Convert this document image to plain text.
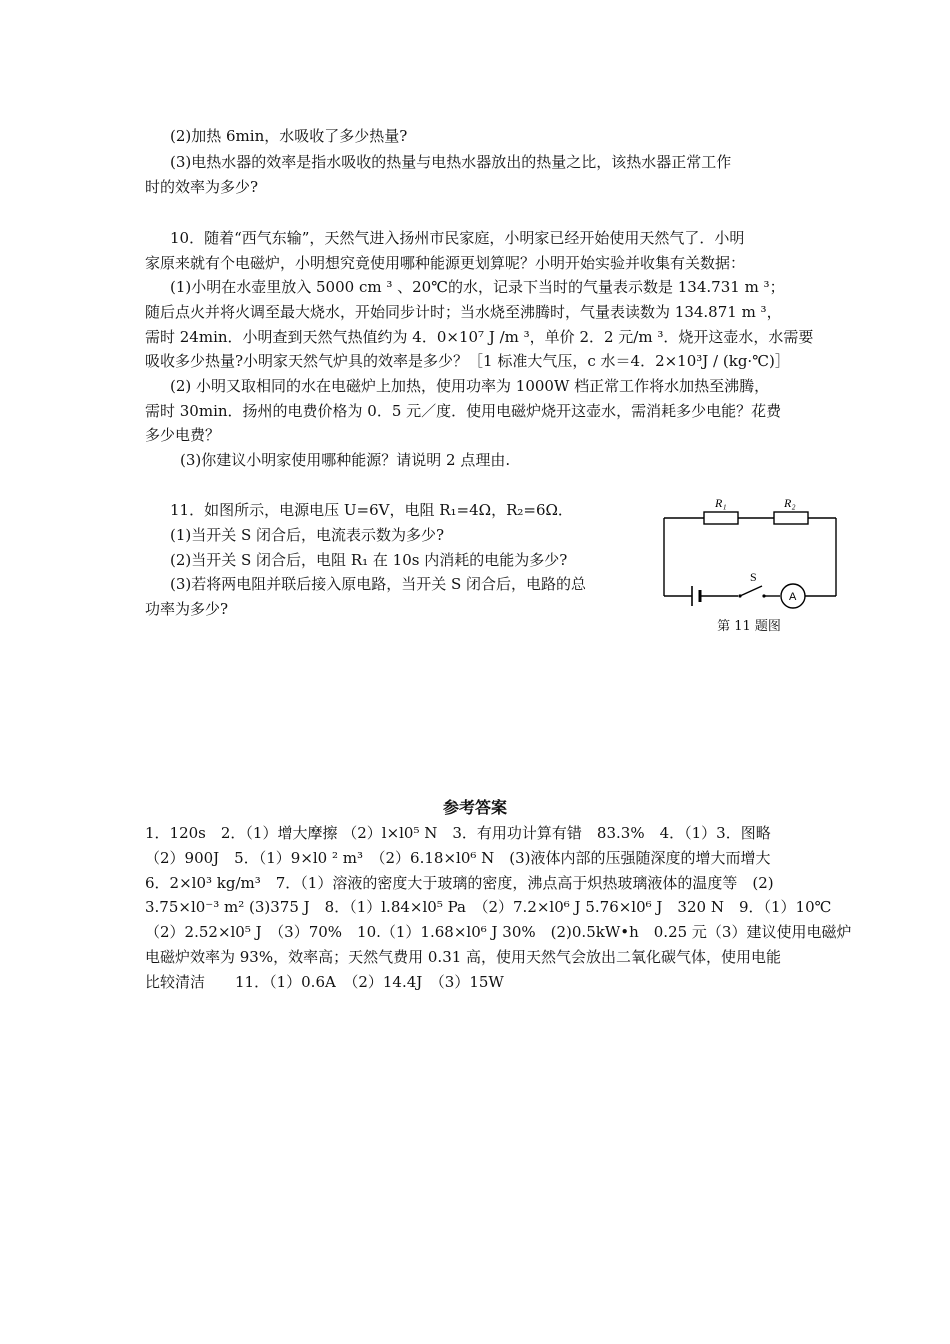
(2)加热 6min，水吸收了多少热量?
(3)电热水器的效率是指水吸收的热量与电热水器放出的热量之比，该热水器正常工作
时的效率为多少?
10．随着“西气东输”，天然气进入扬州市民家庭，小明家已经开始使用天然气了．小明
家原来就有个电磁炉，小明想究竟使用哪种能源更划算呢？小明开始实验并收集有关数据：
(1)小明在水壶里放入 5000 cm ³ 、20℃的水，记录下当时的气量表示数是 134.731 m ³；
随后点火并将火调至最大烧水，开始同步计时；当水烧至沸腾时，气量表读数为 134.871 m ³，
需时 24min．小明查到天然气热值约为 4．0×10⁷ J /m ³，单价 2．2 元/m ³．烧开这壶水，水需要
吸收多少热量?小明家天然气炉具的效率是多少？［1 标准大气压，c 水＝4．2×10³J / (kg·℃)］
(2) 小明又取相同的水在电磁炉上加热，使用功率为 1000W 档正常工作将水加热至沸腾，
需时 30min．扬州的电费价格为 0．5 元／度．使用电磁炉烧开这壶水，需消耗多少电能？花费
多少电费？
(3)你建议小明家使用哪种能源？请说明 2 点理由.
11．如图所示，电源电压 U=6V，电阻 R₁=4Ω，R₂=6Ω．
(1)当开关 S 闭合后，电流表示数为多少?
(2)当开关 S 闭合后，电阻 R₁ 在 10s 内消耗的电能为多少?
(3)若将两电阻并联后接入原电路，当开关 S 闭合后，电路的总
功率为多少?
R₁	R₂
S
A
第 11 题图
参考答案
1．120s　2．（1）增大摩擦 （2）l×l0⁵ N　3．有用功计算有错　83.3%　4．（1）3．图略
（2）900J　5．（1）9×l0 ² m³　（2）6.18×l0⁶ N　(3)液体内部的压强随深度的增大而增大
6．2×l0³ kg/m³　7．（1）溶液的密度大于玻璃的密度，沸点高于炽热玻璃液体的温度等　(2)
3.75×l0⁻³ m² (3)375 J　8．（1）l.84×l0⁵ Pa　（2）7.2×l0⁶ J 5.76×l0⁶ J　320 N　9．（1）10℃
（2）2.52×l0⁵ J　（3）70%　10.（1）1.68×l0⁶ J 30%　(2)0.5kW•h　0.25 元（3）建议使用电磁炉
电磁炉效率为 93%，效率高；天然气费用 0.31 高，使用天然气会放出二氧化碳气体，使用电能
比较清洁　　11．（1）0.6A　（2）14.4J　（3）15W
